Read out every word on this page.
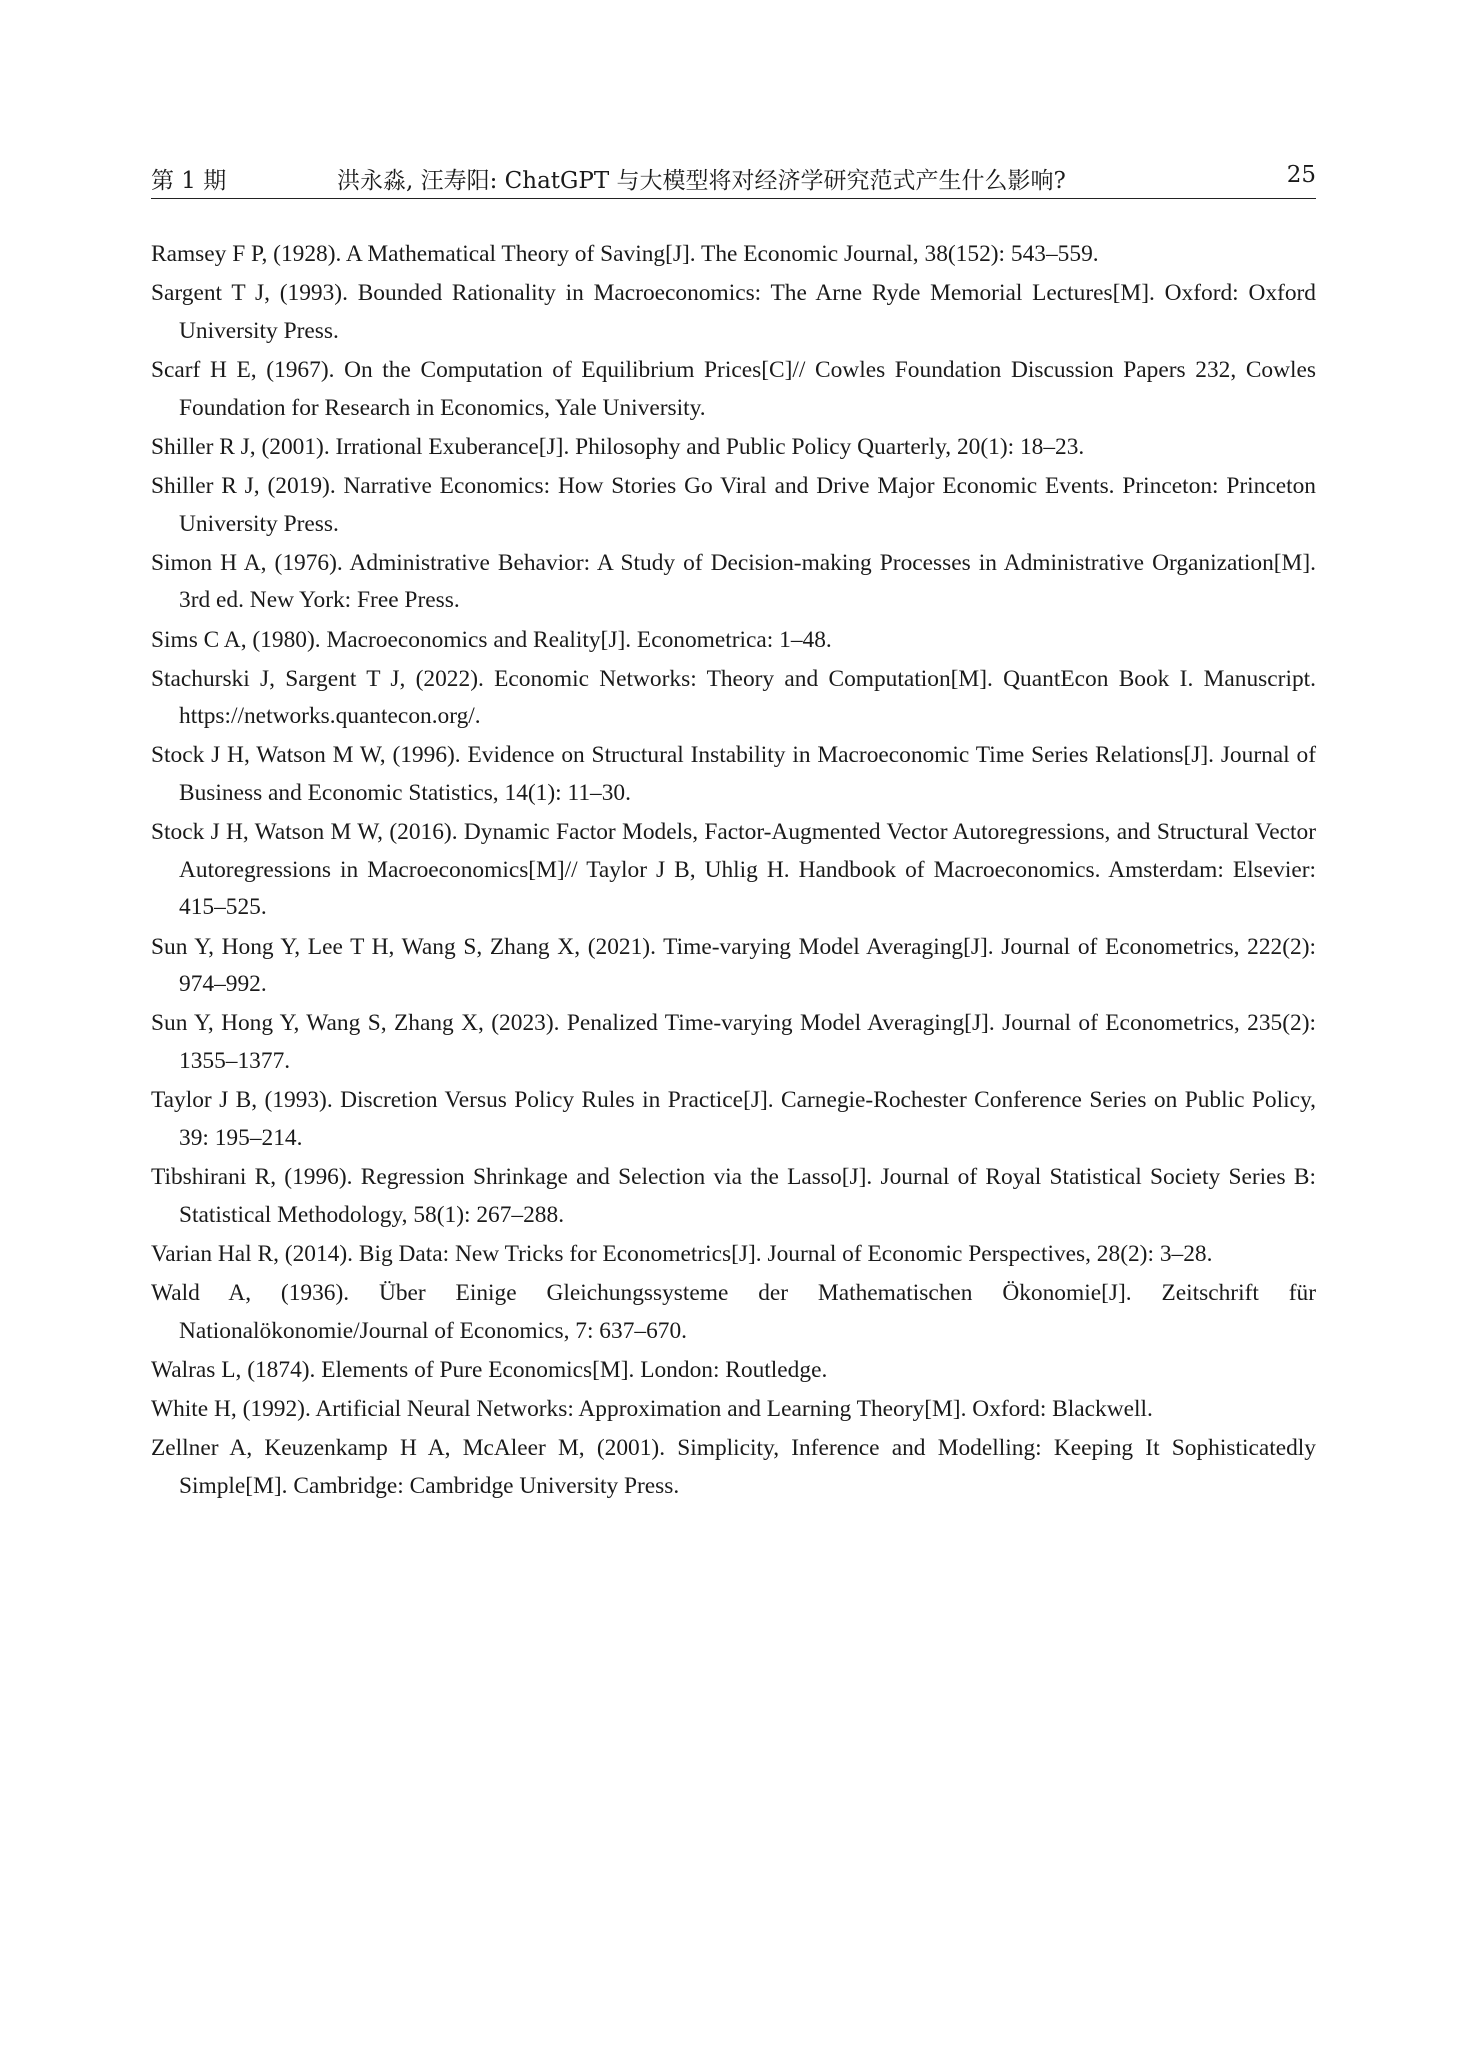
第 1 期	洪永淼, 汪寿阳: ChatGPT 与大模型将对经济学研究范式产生什么影响?	25
Ramsey F P, (1928). A Mathematical Theory of Saving[J]. The Economic Journal, 38(152): 543–559.
Sargent T J, (1993). Bounded Rationality in Macroeconomics: The Arne Ryde Memorial Lectures[M]. Oxford: Oxford University Press.
Scarf H E, (1967). On the Computation of Equilibrium Prices[C]// Cowles Foundation Discussion Papers 232, Cowles Foundation for Research in Economics, Yale University.
Shiller R J, (2001). Irrational Exuberance[J]. Philosophy and Public Policy Quarterly, 20(1): 18–23.
Shiller R J, (2019). Narrative Economics: How Stories Go Viral and Drive Major Economic Events. Princeton: Princeton University Press.
Simon H A, (1976). Administrative Behavior: A Study of Decision-making Processes in Administrative Organization[M]. 3rd ed. New York: Free Press.
Sims C A, (1980). Macroeconomics and Reality[J]. Econometrica: 1–48.
Stachurski J, Sargent T J, (2022). Economic Networks: Theory and Computation[M]. QuantEcon Book I. Manuscript. https://networks.quantecon.org/.
Stock J H, Watson M W, (1996). Evidence on Structural Instability in Macroeconomic Time Series Relations[J]. Journal of Business and Economic Statistics, 14(1): 11–30.
Stock J H, Watson M W, (2016). Dynamic Factor Models, Factor-Augmented Vector Autoregressions, and Structural Vector Autoregressions in Macroeconomics[M]// Taylor J B, Uhlig H. Handbook of Macroeconomics. Amsterdam: Elsevier: 415–525.
Sun Y, Hong Y, Lee T H, Wang S, Zhang X, (2021). Time-varying Model Averaging[J]. Journal of Econometrics, 222(2): 974–992.
Sun Y, Hong Y, Wang S, Zhang X, (2023). Penalized Time-varying Model Averaging[J]. Journal of Econometrics, 235(2): 1355–1377.
Taylor J B, (1993). Discretion Versus Policy Rules in Practice[J]. Carnegie-Rochester Conference Series on Public Policy, 39: 195–214.
Tibshirani R, (1996). Regression Shrinkage and Selection via the Lasso[J]. Journal of Royal Statistical Society Series B: Statistical Methodology, 58(1): 267–288.
Varian Hal R, (2014). Big Data: New Tricks for Econometrics[J]. Journal of Economic Perspectives, 28(2): 3–28.
Wald A, (1936). Über Einige Gleichungssysteme der Mathematischen Ökonomie[J]. Zeitschrift für Nationalökonomie/Journal of Economics, 7: 637–670.
Walras L, (1874). Elements of Pure Economics[M]. London: Routledge.
White H, (1992). Artificial Neural Networks: Approximation and Learning Theory[M]. Oxford: Blackwell.
Zellner A, Keuzenkamp H A, McAleer M, (2001). Simplicity, Inference and Modelling: Keeping It Sophisticatedly Simple[M]. Cambridge: Cambridge University Press.
